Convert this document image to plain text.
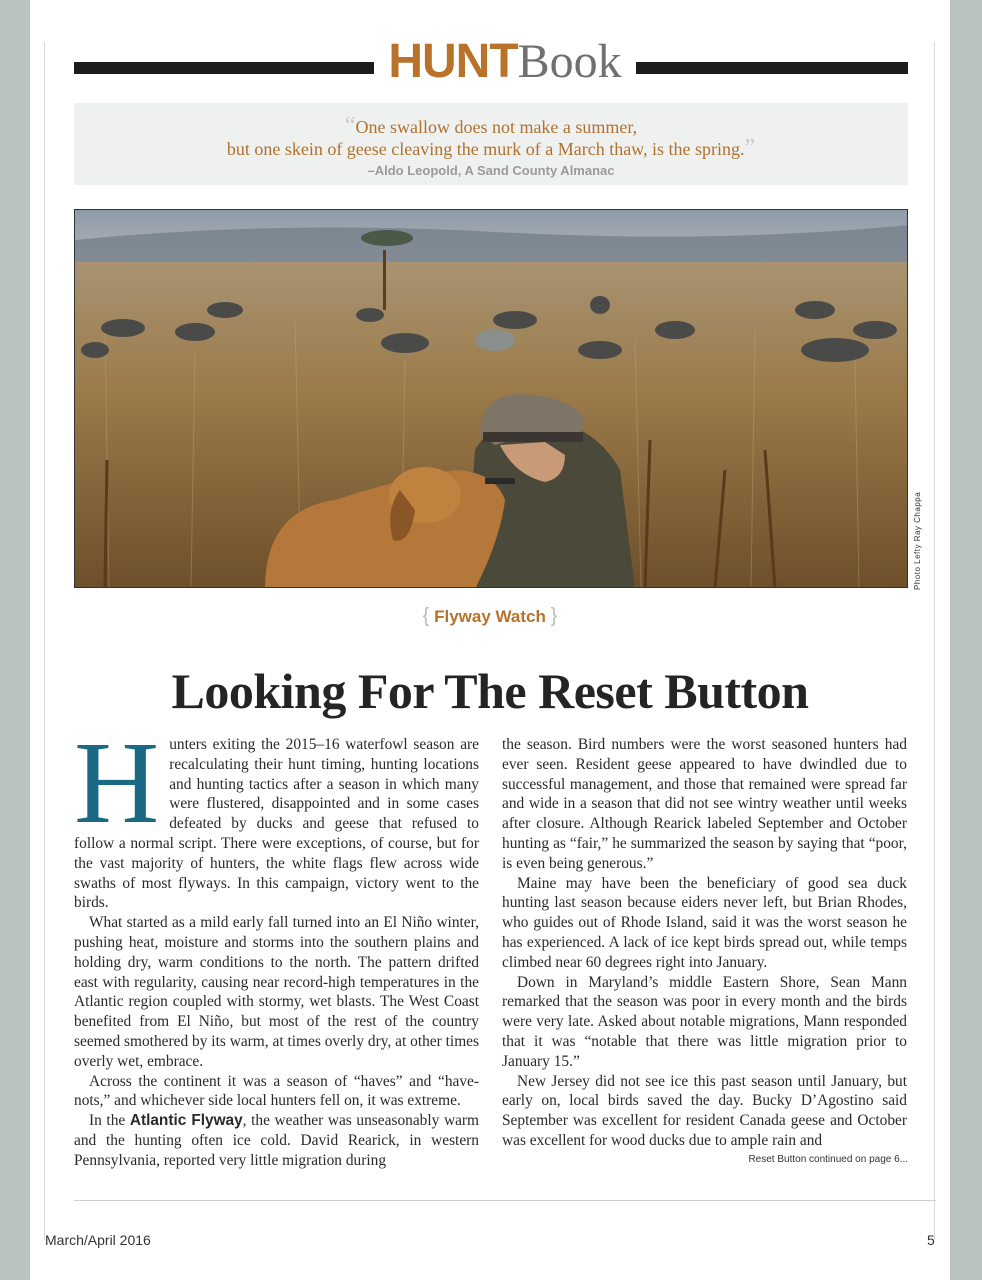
HUNTBook
“One swallow does not make a summer,
but one skein of geese cleaving the murk of a March thaw, is the spring.”
–Aldo Leopold, A Sand County Almanac
Photo Lefty Ray Chappa
{ Flyway Watch }
Looking For The Reset Button

Hunters exiting the 2015–16 waterfowl season are recalculating their hunt timing, hunting locations and hunting tactics after a season in which many were flustered, disappointed and in some cases defeated by ducks and geese that refused to follow a normal script. There were exceptions, of course, but for the vast majority of hunters, the white flags flew across wide swaths of most flyways. In this campaign, victory went to the birds.

What started as a mild early fall turned into an El Niño winter, pushing heat, moisture and storms into the southern plains and holding dry, warm conditions to the north. The pattern drifted east with regularity, causing near record-high temperatures in the Atlantic region coupled with stormy, wet blasts. The West Coast benefited from El Niño, but most of the rest of the country seemed smothered by its warm, at times overly dry, at other times overly wet, embrace.

Across the continent it was a season of “haves” and “have-nots,” and whichever side local hunters fell on, it was extreme.

In the Atlantic Flyway, the weather was unseasonably warm and the hunting often ice cold. David Rearick, in western Pennsylvania, reported very little migration during

the season. Bird numbers were the worst seasoned hunters had ever seen. Resident geese appeared to have dwindled due to successful management, and those that remained were spread far and wide in a season that did not see wintry weather until weeks after closure. Although Rearick labeled September and October hunting as “fair,” he summarized the season by saying that “poor, is even being generous.”

Maine may have been the beneficiary of good sea duck hunting last season because eiders never left, but Brian Rhodes, who guides out of Rhode Island, said it was the worst season he has experienced. A lack of ice kept birds spread out, while temps climbed near 60 degrees right into January.

Down in Maryland’s middle Eastern Shore, Sean Mann remarked that the season was poor in every month and the birds were very late. Asked about notable migrations, Mann responded that it was “notable that there was little migration prior to January 15.”

New Jersey did not see ice this past season until January, but early on, local birds saved the day. Bucky D’Agostino said September was excellent for resident Canada geese and October was excellent for wood ducks due to ample rain and

Reset Button continued on page 6...
March/April 2016	5
